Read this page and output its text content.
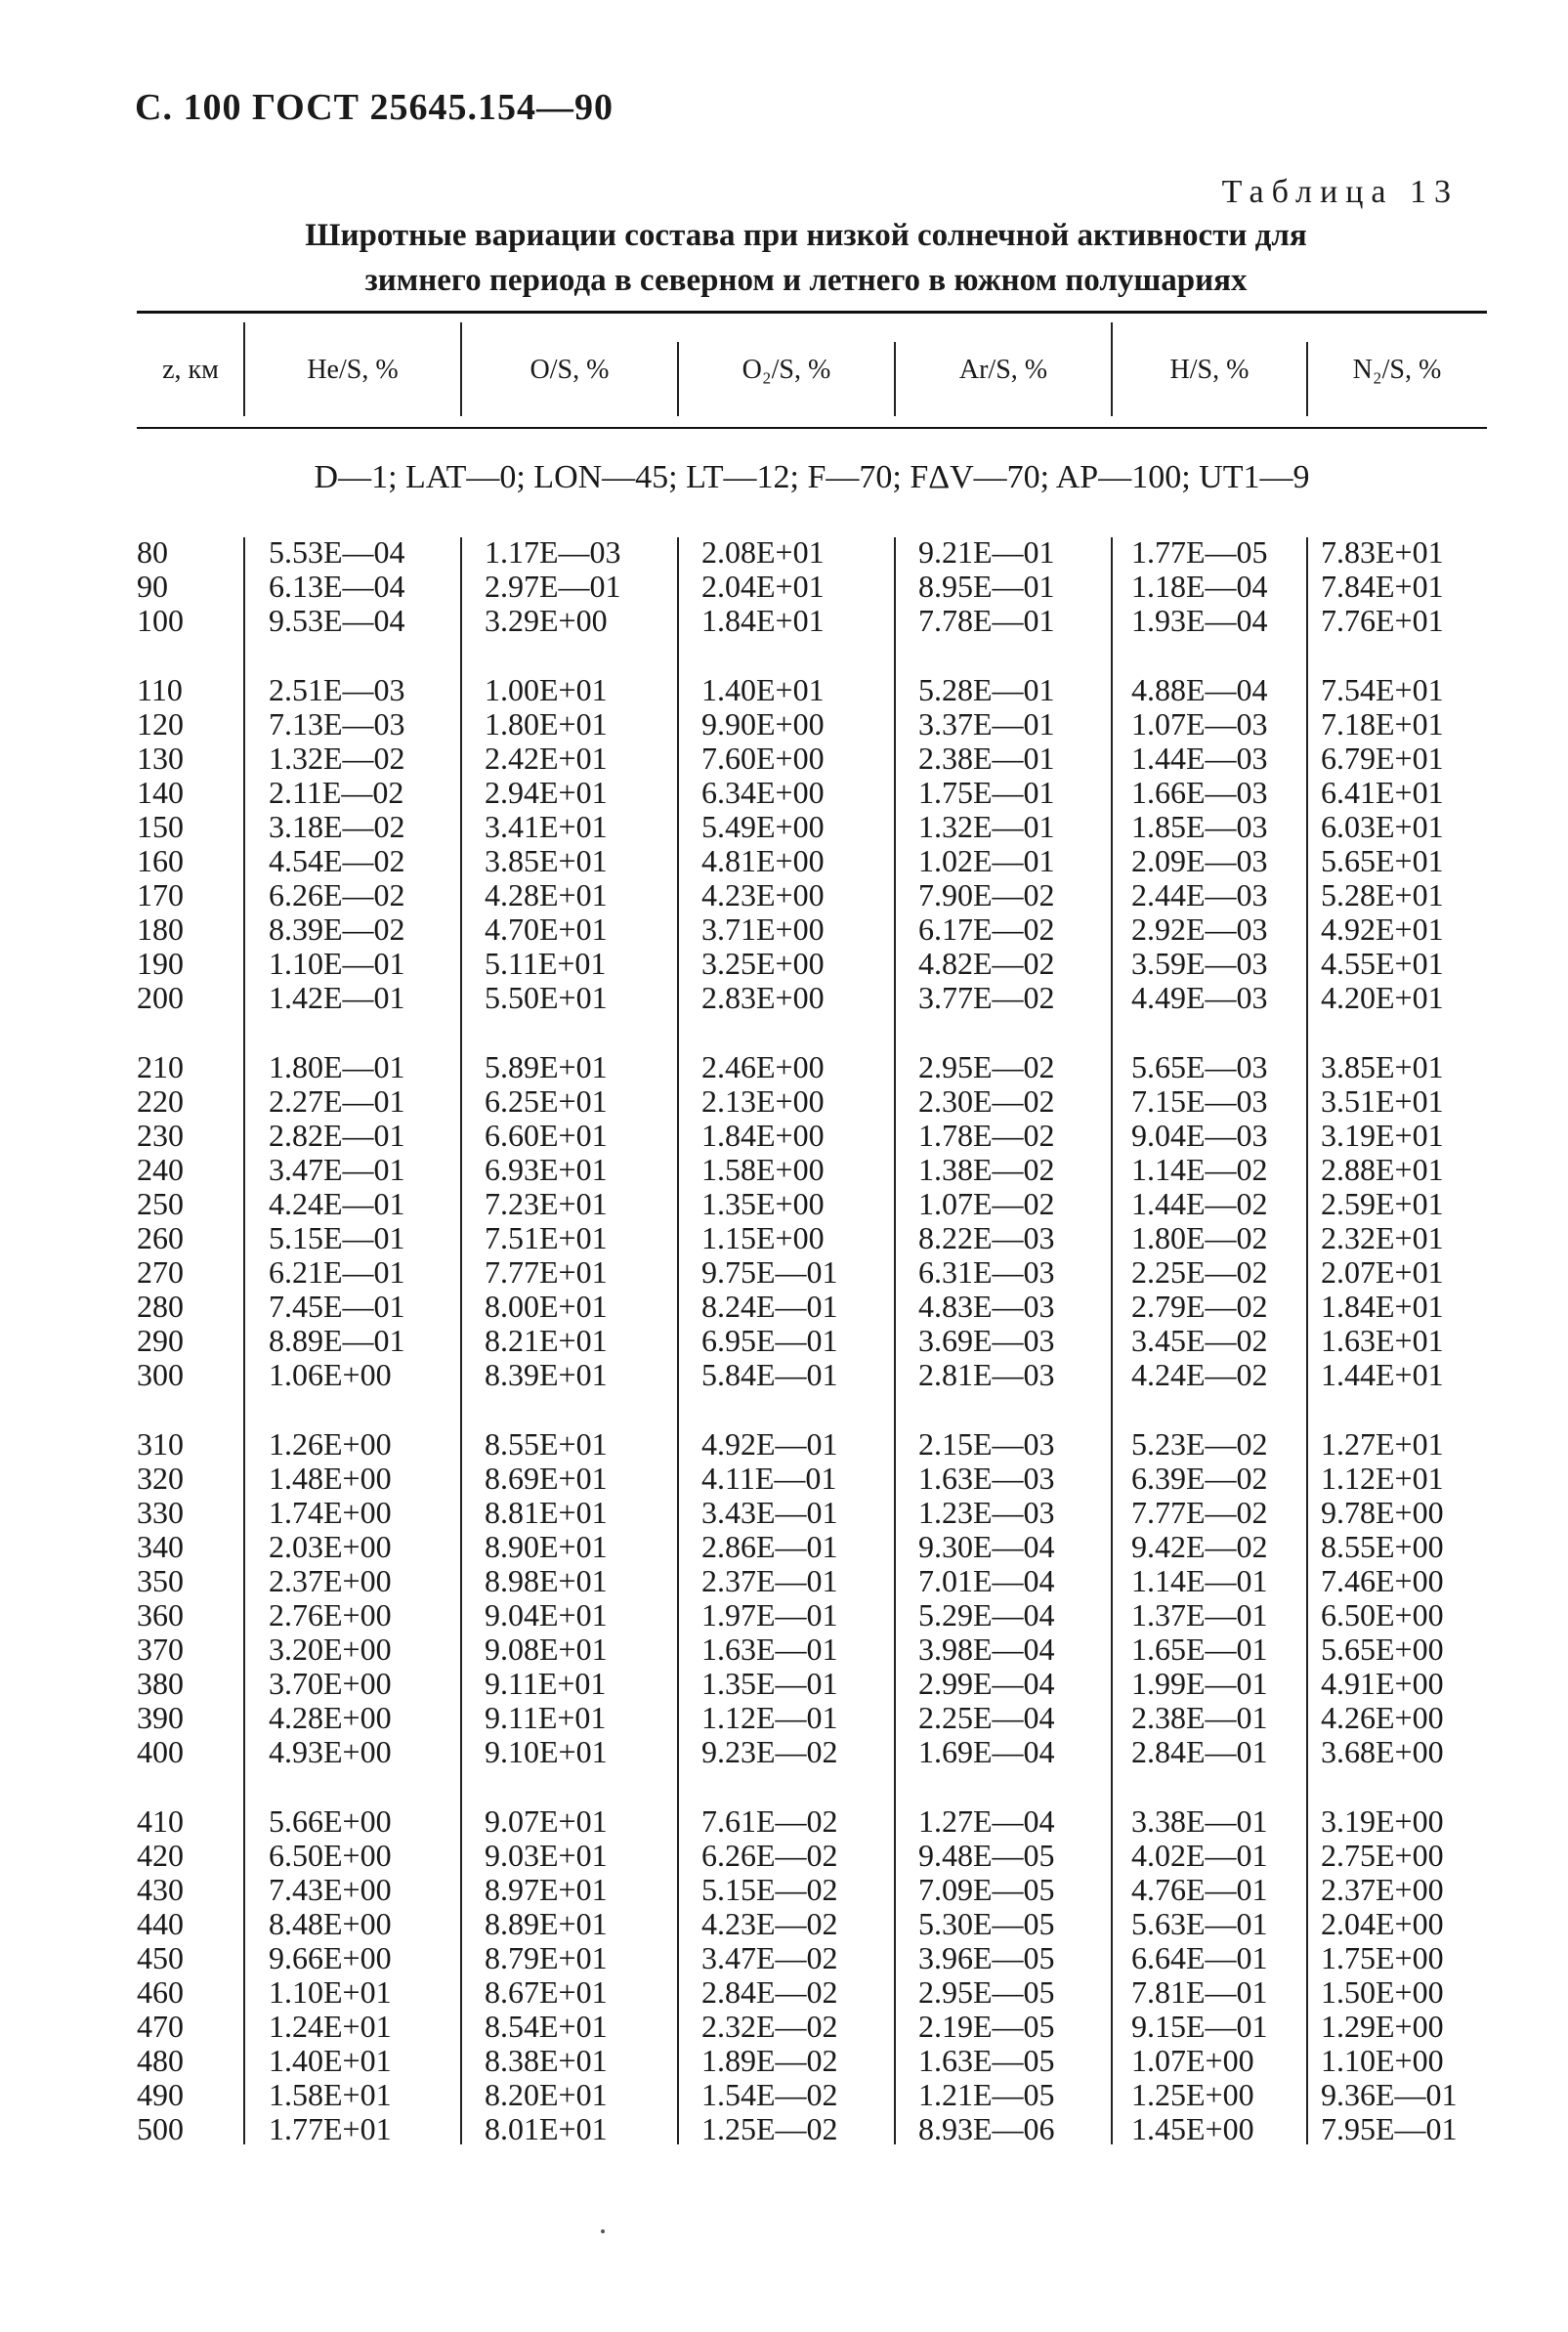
С. 100 ГОСТ 25645.154—90
Таблица 13
Широтные вариации состава при низкой солнечной активности для
зимнего периода в северном и летнего в южном полушариях
z, км	He/S, %	O/S, %	O₂/S, %	Ar/S, %	H/S, %	N₂/S, %
D—1; LAT—0; LON—45; LT—12; F—70; FΔV—70; AP—100; UT1—9
80	5.53E—04	1.17E—03	2.08E+01	9.21E—01	1.77E—05	7.83E+01
90	6.13E—04	2.97E—01	2.04E+01	8.95E—01	1.18E—04	7.84E+01
100	9.53E—04	3.29E+00	1.84E+01	7.78E—01	1.93E—04	7.76E+01
110	2.51E—03	1.00E+01	1.40E+01	5.28E—01	4.88E—04	7.54E+01
120	7.13E—03	1.80E+01	9.90E+00	3.37E—01	1.07E—03	7.18E+01
130	1.32E—02	2.42E+01	7.60E+00	2.38E—01	1.44E—03	6.79E+01
140	2.11E—02	2.94E+01	6.34E+00	1.75E—01	1.66E—03	6.41E+01
150	3.18E—02	3.41E+01	5.49E+00	1.32E—01	1.85E—03	6.03E+01
160	4.54E—02	3.85E+01	4.81E+00	1.02E—01	2.09E—03	5.65E+01
170	6.26E—02	4.28E+01	4.23E+00	7.90E—02	2.44E—03	5.28E+01
180	8.39E—02	4.70E+01	3.71E+00	6.17E—02	2.92E—03	4.92E+01
190	1.10E—01	5.11E+01	3.25E+00	4.82E—02	3.59E—03	4.55E+01
200	1.42E—01	5.50E+01	2.83E+00	3.77E—02	4.49E—03	4.20E+01
210	1.80E—01	5.89E+01	2.46E+00	2.95E—02	5.65E—03	3.85E+01
220	2.27E—01	6.25E+01	2.13E+00	2.30E—02	7.15E—03	3.51E+01
230	2.82E—01	6.60E+01	1.84E+00	1.78E—02	9.04E—03	3.19E+01
240	3.47E—01	6.93E+01	1.58E+00	1.38E—02	1.14E—02	2.88E+01
250	4.24E—01	7.23E+01	1.35E+00	1.07E—02	1.44E—02	2.59E+01
260	5.15E—01	7.51E+01	1.15E+00	8.22E—03	1.80E—02	2.32E+01
270	6.21E—01	7.77E+01	9.75E—01	6.31E—03	2.25E—02	2.07E+01
280	7.45E—01	8.00E+01	8.24E—01	4.83E—03	2.79E—02	1.84E+01
290	8.89E—01	8.21E+01	6.95E—01	3.69E—03	3.45E—02	1.63E+01
300	1.06E+00	8.39E+01	5.84E—01	2.81E—03	4.24E—02	1.44E+01
310	1.26E+00	8.55E+01	4.92E—01	2.15E—03	5.23E—02	1.27E+01
320	1.48E+00	8.69E+01	4.11E—01	1.63E—03	6.39E—02	1.12E+01
330	1.74E+00	8.81E+01	3.43E—01	1.23E—03	7.77E—02	9.78E+00
340	2.03E+00	8.90E+01	2.86E—01	9.30E—04	9.42E—02	8.55E+00
350	2.37E+00	8.98E+01	2.37E—01	7.01E—04	1.14E—01	7.46E+00
360	2.76E+00	9.04E+01	1.97E—01	5.29E—04	1.37E—01	6.50E+00
370	3.20E+00	9.08E+01	1.63E—01	3.98E—04	1.65E—01	5.65E+00
380	3.70E+00	9.11E+01	1.35E—01	2.99E—04	1.99E—01	4.91E+00
390	4.28E+00	9.11E+01	1.12E—01	2.25E—04	2.38E—01	4.26E+00
400	4.93E+00	9.10E+01	9.23E—02	1.69E—04	2.84E—01	3.68E+00
410	5.66E+00	9.07E+01	7.61E—02	1.27E—04	3.38E—01	3.19E+00
420	6.50E+00	9.03E+01	6.26E—02	9.48E—05	4.02E—01	2.75E+00
430	7.43E+00	8.97E+01	5.15E—02	7.09E—05	4.76E—01	2.37E+00
440	8.48E+00	8.89E+01	4.23E—02	5.30E—05	5.63E—01	2.04E+00
450	9.66E+00	8.79E+01	3.47E—02	3.96E—05	6.64E—01	1.75E+00
460	1.10E+01	8.67E+01	2.84E—02	2.95E—05	7.81E—01	1.50E+00
470	1.24E+01	8.54E+01	2.32E—02	2.19E—05	9.15E—01	1.29E+00
480	1.40E+01	8.38E+01	1.89E—02	1.63E—05	1.07E+00	1.10E+00
490	1.58E+01	8.20E+01	1.54E—02	1.21E—05	1.25E+00	9.36E—01
500	1.77E+01	8.01E+01	1.25E—02	8.93E—06	1.45E+00	7.95E—01
